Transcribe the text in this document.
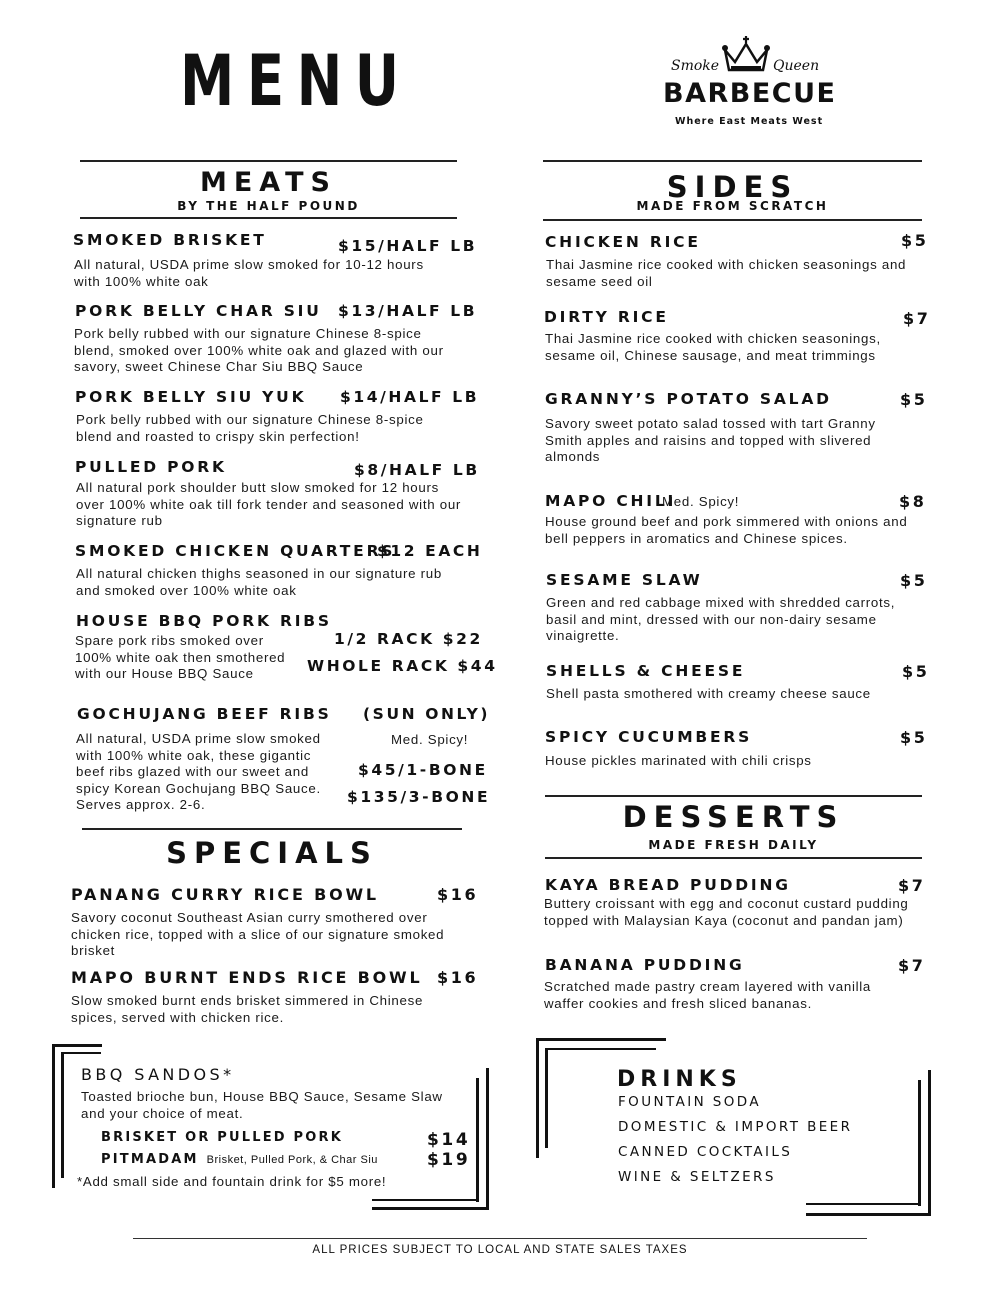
MENU	Smoke	Queen
BARBECUE
Where East Meats West
MEATS
BY THE HALF POUND
SMOKED BRISKET	$15/HALF LB
All natural, USDA prime slow smoked for 10-12 hours with 100% white oak
PORK BELLY CHAR SIU $13/HALF LB
Pork belly rubbed with our signature Chinese 8-spice blend, smoked over 100% white oak and glazed with our savory, sweet Chinese Char Siu BBQ Sauce
PORK BELLY SIU YUK $14/HALF LB
Pork belly rubbed with our signature Chinese 8-spice blend and roasted to crispy skin perfection!
PULLED PORK	$8/HALF LB
All natural pork shoulder butt slow smoked for 12 hours over 100% white oak till fork tender and seasoned with our signature rub
SMOKED CHICKEN QUARTERS
$12 EACH
All natural chicken thighs seasoned in our signature rub and smoked over 100% white oak
HOUSE BBQ PORK RIBS
1/2 RACK $22
Spare pork ribs smoked over 100% white oak then smothered with our House BBQ Sauce	WHOLE RACK $44
GOCHUJANG BEEF RIBS (SUN ONLY)
All natural, USDA prime slow smoked with 100% white oak, these gigantic beef ribs glazed with our sweet and spicy Korean Gochujang BBQ Sauce. Serves approx. 2-6.
$45/1-BONE
$135/3-BONE
Med. Spicy!
SPECIALS
PANANG CURRY RICE BOWL	$16
Savory coconut Southeast Asian curry smothered over chicken rice, topped with a slice of our signature smoked brisket
MAPO BURNT ENDS RICE BOWL $16
Slow smoked burnt ends brisket simmered in Chinese spices, served with chicken rice.
BBQ SANDOS*
Toasted brioche bun, House BBQ Sauce, Sesame Slaw and your choice of meat.
BRISKET OR PULLED PORK	$14
PITMADAM Brisket, Pulled Pork, & Char Siu	$19
*Add small side and fountain drink for $5 more!
SIDES
MADE FROM SCRATCH
CHICKEN RICE	$5
Thai Jasmine rice cooked with chicken seasonings and sesame seed oil
DIRTY RICE	$7
Thai Jasmine rice cooked with chicken seasonings, sesame oil, Chinese sausage, and meat trimmings
GRANNY’S POTATO SALAD	$5
Savory sweet potato salad tossed with tart Granny Smith apples and raisins and topped with slivered almonds
MAPO CHILI	$8
House ground beef and pork simmered with onions and bell peppers in aromatics and Chinese spices.
Med. Spicy!
SESAME SLAW	$5
Green and red cabbage mixed with shredded carrots, basil and mint, dressed with our non-dairy sesame vinaigrette.
SHELLS & CHEESE	$5
Shell pasta smothered with creamy cheese sauce
SPICY CUCUMBERS	$5
House pickles marinated with chili crisps
DESSERTS
MADE FRESH DAILY
KAYA BREAD PUDDING	$7
Buttery croissant with egg and coconut custard pudding topped with Malaysian Kaya (coconut and pandan jam)
BANANA PUDDING	$7
Scratched made pastry cream layered with vanilla waffer cookies and fresh sliced bananas.
DRINKS
FOUNTAIN SODA
DOMESTIC & IMPORT BEER
CANNED COCKTAILS
WINE & SELTZERS
ALL PRICES SUBJECT TO LOCAL AND STATE SALES TAXES
